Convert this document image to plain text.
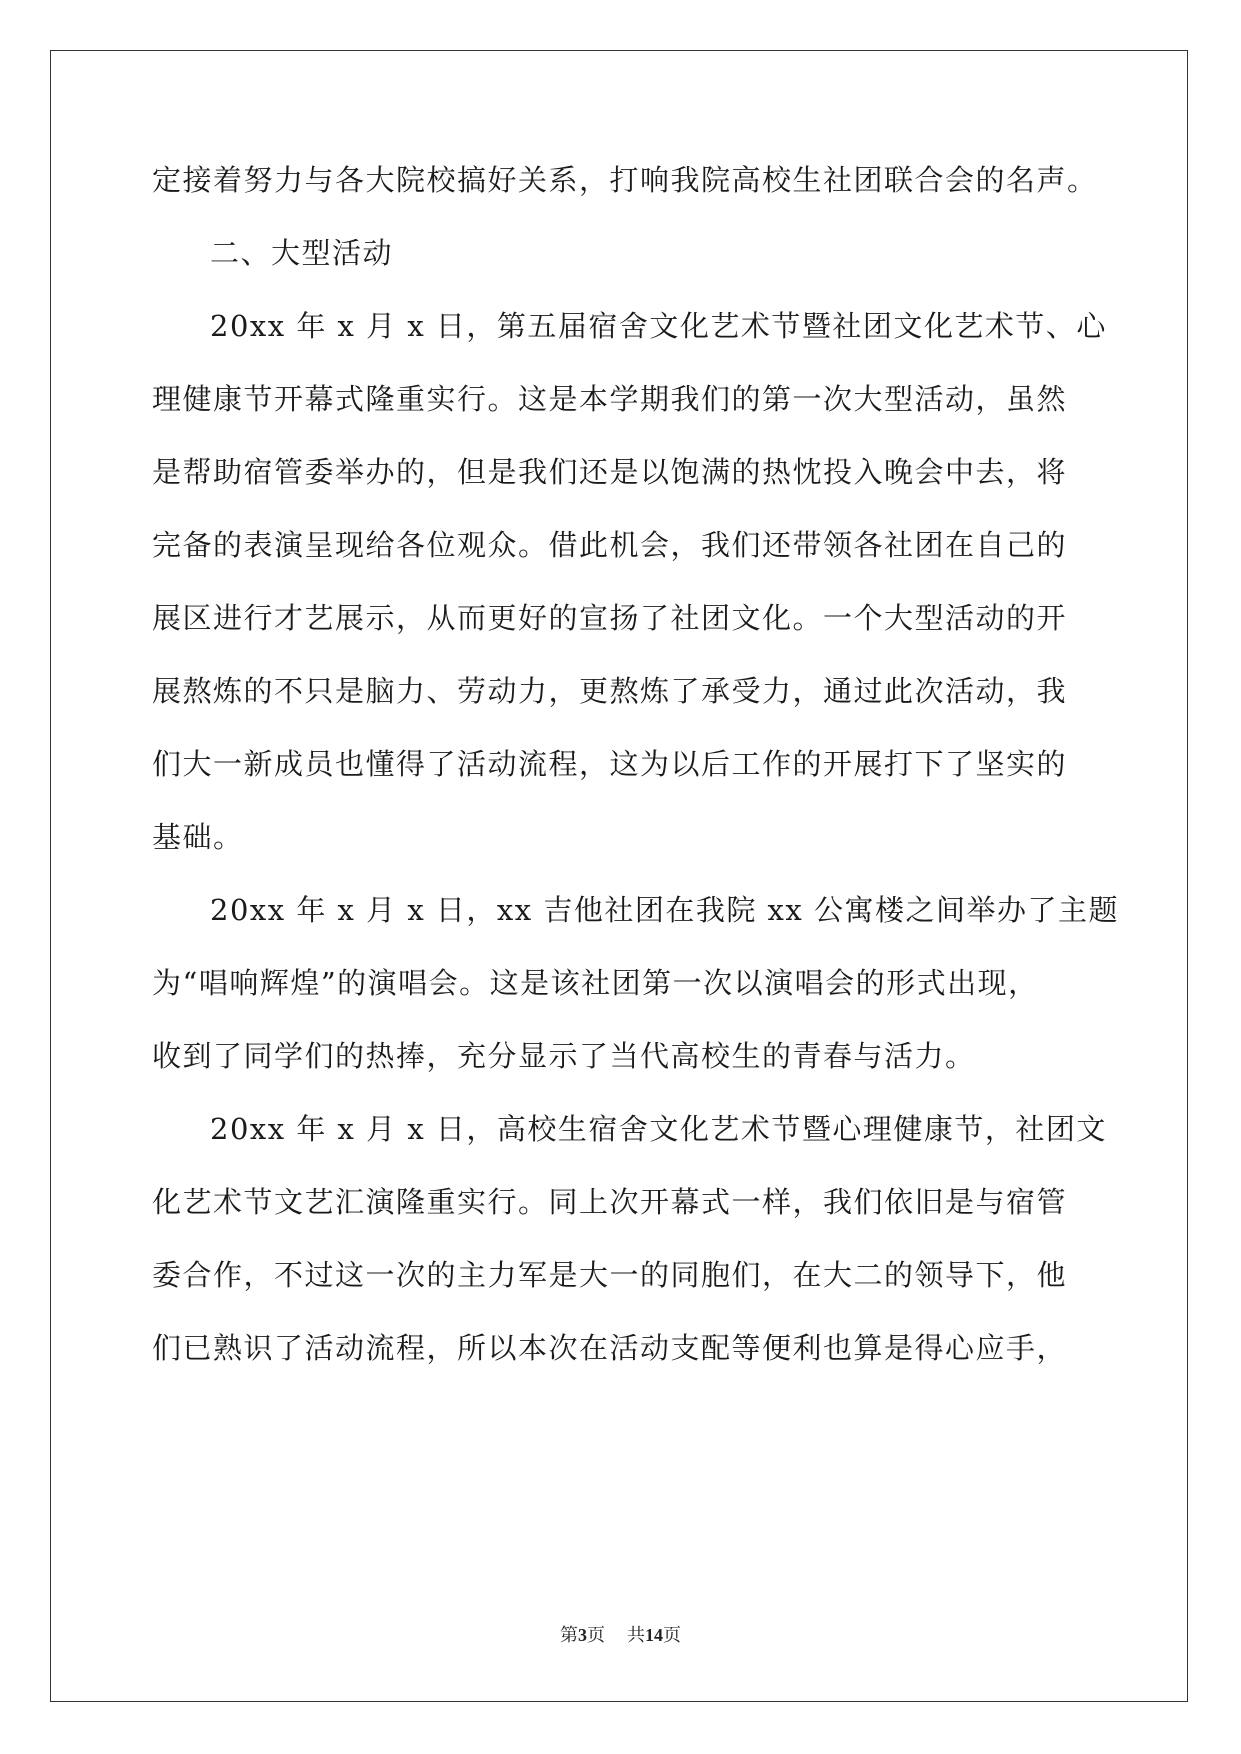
定接着努力与各大院校搞好关系，打响我院高校生社团联合会的名声。
二、大型活动
20xx 年 x 月 x 日，第五届宿舍文化艺术节暨社团文化艺术节、心
理健康节开幕式隆重实行。这是本学期我们的第一次大型活动，虽然
是帮助宿管委举办的，但是我们还是以饱满的热忱投入晚会中去，将
完备的表演呈现给各位观众。借此机会，我们还带领各社团在自己的
展区进行才艺展示，从而更好的宣扬了社团文化。一个大型活动的开
展熬炼的不只是脑力、劳动力，更熬炼了承受力，通过此次活动，我
们大一新成员也懂得了活动流程，这为以后工作的开展打下了坚实的
基础。
20xx 年 x 月 x 日，xx 吉他社团在我院 xx 公寓楼之间举办了主题
为“唱响辉煌”的演唱会。这是该社团第一次以演唱会的形式出现，
收到了同学们的热捧，充分显示了当代高校生的青春与活力。
20xx 年 x 月 x 日，高校生宿舍文化艺术节暨心理健康节，社团文
化艺术节文艺汇演隆重实行。同上次开幕式一样，我们依旧是与宿管
委合作，不过这一次的主力军是大一的同胞们，在大二的领导下，他
们已熟识了活动流程，所以本次在活动支配等便利也算是得心应手，
第3页 共14页
